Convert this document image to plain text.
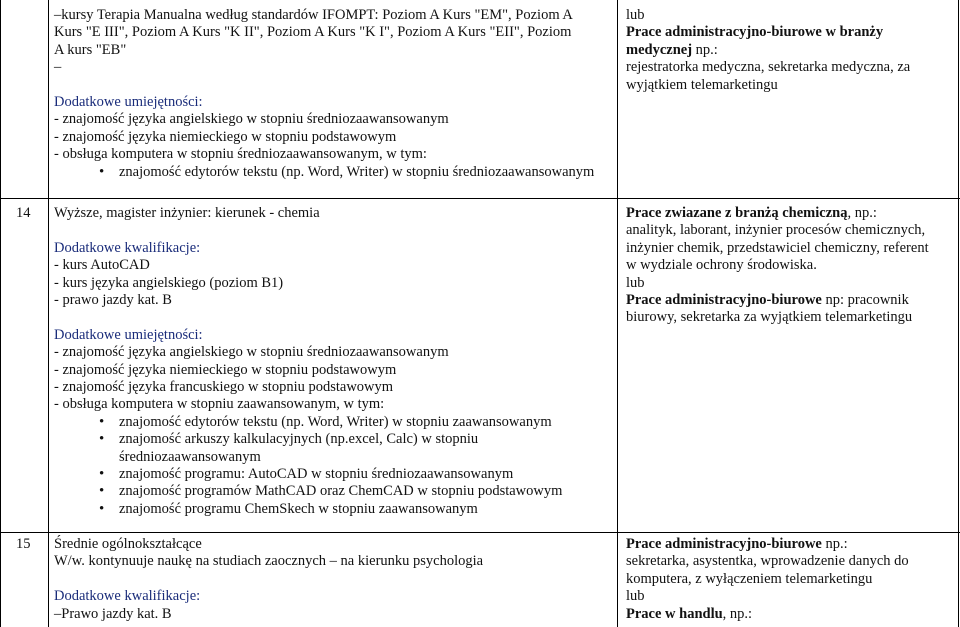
–kursy Terapia Manualna według standardów IFOMPT: Poziom A Kurs "EM", Poziom A

Kurs "E III", Poziom A Kurs "K II", Poziom A Kurs "K I", Poziom A Kurs "EII", Poziom

A kurs "EB"

–

Dodatkowe umiejętności:

- znajomość języka angielskiego w stopniu średniozaawansowanym

- znajomość języka niemieckiego w stopniu podstawowym

- obsługa komputera w stopniu średniozaawansowanym, w tym:

• znajomość edytorów tekstu (np. Word, Writer) w stopniu średniozaawansowanym

lub

Prace administracyjno-biurowe w branży medycznej np.:

rejestratorka medyczna, sekretarka medyczna, za

wyjątkiem telemarketingu

14 Wyższe, magister inżynier: kierunek - chemia

Dodatkowe kwalifikacje:

- kurs AutoCAD

- kurs języka angielskiego (poziom B1)

- prawo jazdy kat. B

Dodatkowe umiejętności:

- znajomość języka angielskiego w stopniu średniozaawansowanym

- znajomość języka niemieckiego w stopniu podstawowym

- znajomość języka francuskiego w stopniu podstawowym

- obsługa komputera w stopniu zaawansowanym, w tym:

• znajomość edytorów tekstu (np. Word, Writer) w stopniu zaawansowanym
• znajomość arkuszy kalkulacyjnych (np.excel, Calc) w stopniu

średniozaawansowanym

• znajomość programu: AutoCAD w stopniu średniozaawansowanym
• znajomość programów MathCAD oraz ChemCAD w stopniu podstawowym
• znajomość programu ChemSkech w stopniu zaawansowanym

Prace zwiazane z branżą chemiczną, np.:

analityk, laborant, inżynier procesów chemicznych,

inżynier chemik, przedstawiciel chemiczny, referent

w wydziale ochrony środowiska.

lub

Prace administracyjno-biurowe np: pracownik

biurowy, sekretarka za wyjątkiem telemarketingu

15 Średnie ogólnokształcące

W/w. kontynuuje naukę na studiach zaocznych – na kierunku psychologia

Dodatkowe kwalifikacje:

–Prawo jazdy kat. B

Prace administracyjno-biurowe np.:

sekretarka, asystentka, wprowadzenie danych do

komputera, z wyłączeniem telemarketingu

lub

Prace w handlu, np.:
